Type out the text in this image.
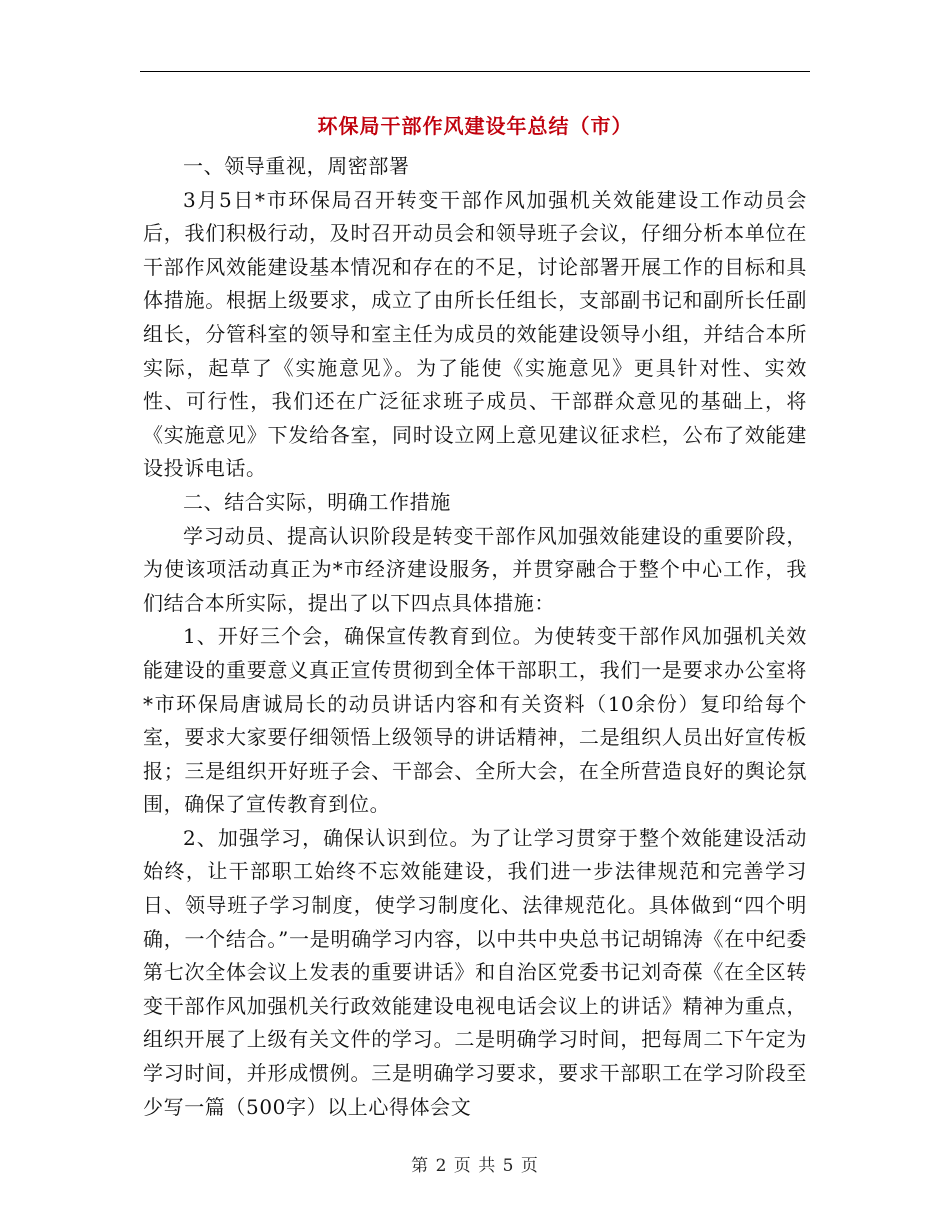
环保局干部作风建设年总结（市）

一、领导重视，周密部署

3月5日*市环保局召开转变干部作风加强机关效能建设工作动员会后，我们积极行动，及时召开动员会和领导班子会议，仔细分析本单位在干部作风效能建设基本情况和存在的不足，讨论部署开展工作的目标和具体措施。根据上级要求，成立了由所长任组长，支部副书记和副所长任副组长，分管科室的领导和室主任为成员的效能建设领导小组，并结合本所实际，起草了《实施意见》。为了能使《实施意见》更具针对性、实效性、可行性，我们还在广泛征求班子成员、干部群众意见的基础上，将《实施意见》下发给各室，同时设立网上意见建议征求栏，公布了效能建设投诉电话。

二、结合实际，明确工作措施

学习动员、提高认识阶段是转变干部作风加强效能建设的重要阶段，为使该项活动真正为*市经济建设服务，并贯穿融合于整个中心工作，我们结合本所实际，提出了以下四点具体措施：

1、开好三个会，确保宣传教育到位。为使转变干部作风加强机关效能建设的重要意义真正宣传贯彻到全体干部职工，我们一是要求办公室将*市环保局唐诚局长的动员讲话内容和有关资料（10余份）复印给每个室，要求大家要仔细领悟上级领导的讲话精神，二是组织人员出好宣传板报；三是组织开好班子会、干部会、全所大会，在全所营造良好的舆论氛围，确保了宣传教育到位。

2、加强学习，确保认识到位。为了让学习贯穿于整个效能建设活动始终，让干部职工始终不忘效能建设，我们进一步法律规范和完善学习日、领导班子学习制度，使学习制度化、法律规范化。具体做到“四个明确，一个结合。”一是明确学习内容，以中共中央总书记胡锦涛《在中纪委第七次全体会议上发表的重要讲话》和自治区党委书记刘奇葆《在全区转变干部作风加强机关行政效能建设电视电话会议上的讲话》精神为重点，组织开展了上级有关文件的学习。二是明确学习时间，把每周二下午定为学习时间，并形成惯例。三是明确学习要求，要求干部职工在学习阶段至少写一篇（500字）以上心得体会文

第 2 页 共 5 页
